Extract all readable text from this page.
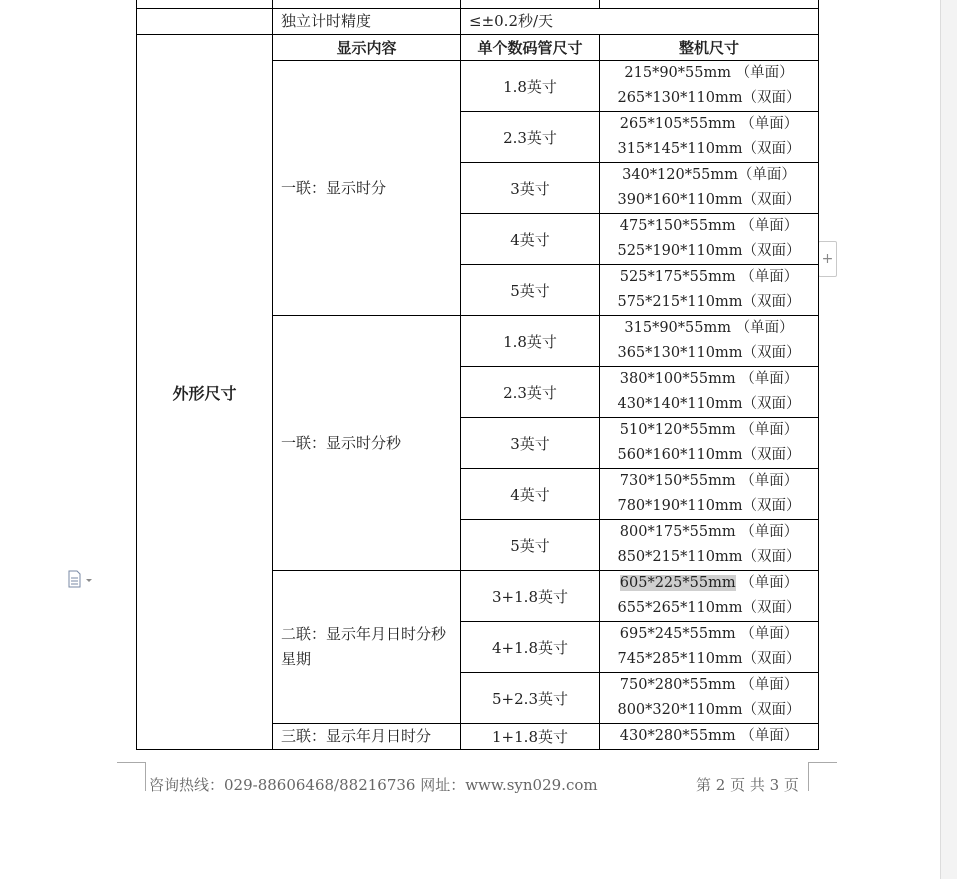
+

	独立计时精度	≤±0.2秒/天	
外形尺寸	显示内容	单个数码管尺寸	整机尺寸
	一联：显示时分	1.8英寸	215*90*55mm （单面）
265*130*110mm（双面）

		2.3英寸	265*105*55mm （单面）
315*145*110mm（双面）

		3英寸	340*120*55mm（单面）
390*160*110mm（双面）

		4英寸	475*150*55mm （单面）
525*190*110mm（双面）

		5英寸	525*175*55mm （单面）
575*215*110mm（双面）

	一联：显示时分秒	1.8英寸	315*90*55mm （单面）
365*130*110mm（双面）

		2.3英寸	380*100*55mm （单面）
430*140*110mm（双面）

		3英寸	510*120*55mm （单面）
560*160*110mm（双面）

		4英寸	730*150*55mm （单面）
780*190*110mm（双面）

		5英寸	800*175*55mm （单面）
850*215*110mm（双面）

	二联：显示年月日时分秒星期	3+1.8英寸	605*225*55mm （单面）
655*265*110mm（双面）

		4+1.8英寸	695*245*55mm （单面）
745*285*110mm（双面）

		5+2.3英寸	750*280*55mm （单面）
800*320*110mm（双面）

	三联：显示年月日时分	1+1.8英寸	430*280*55mm （单面）
咨询热线：029-88606468/88216736 网址：www.syn029.com	第 2 页 共 3 页
